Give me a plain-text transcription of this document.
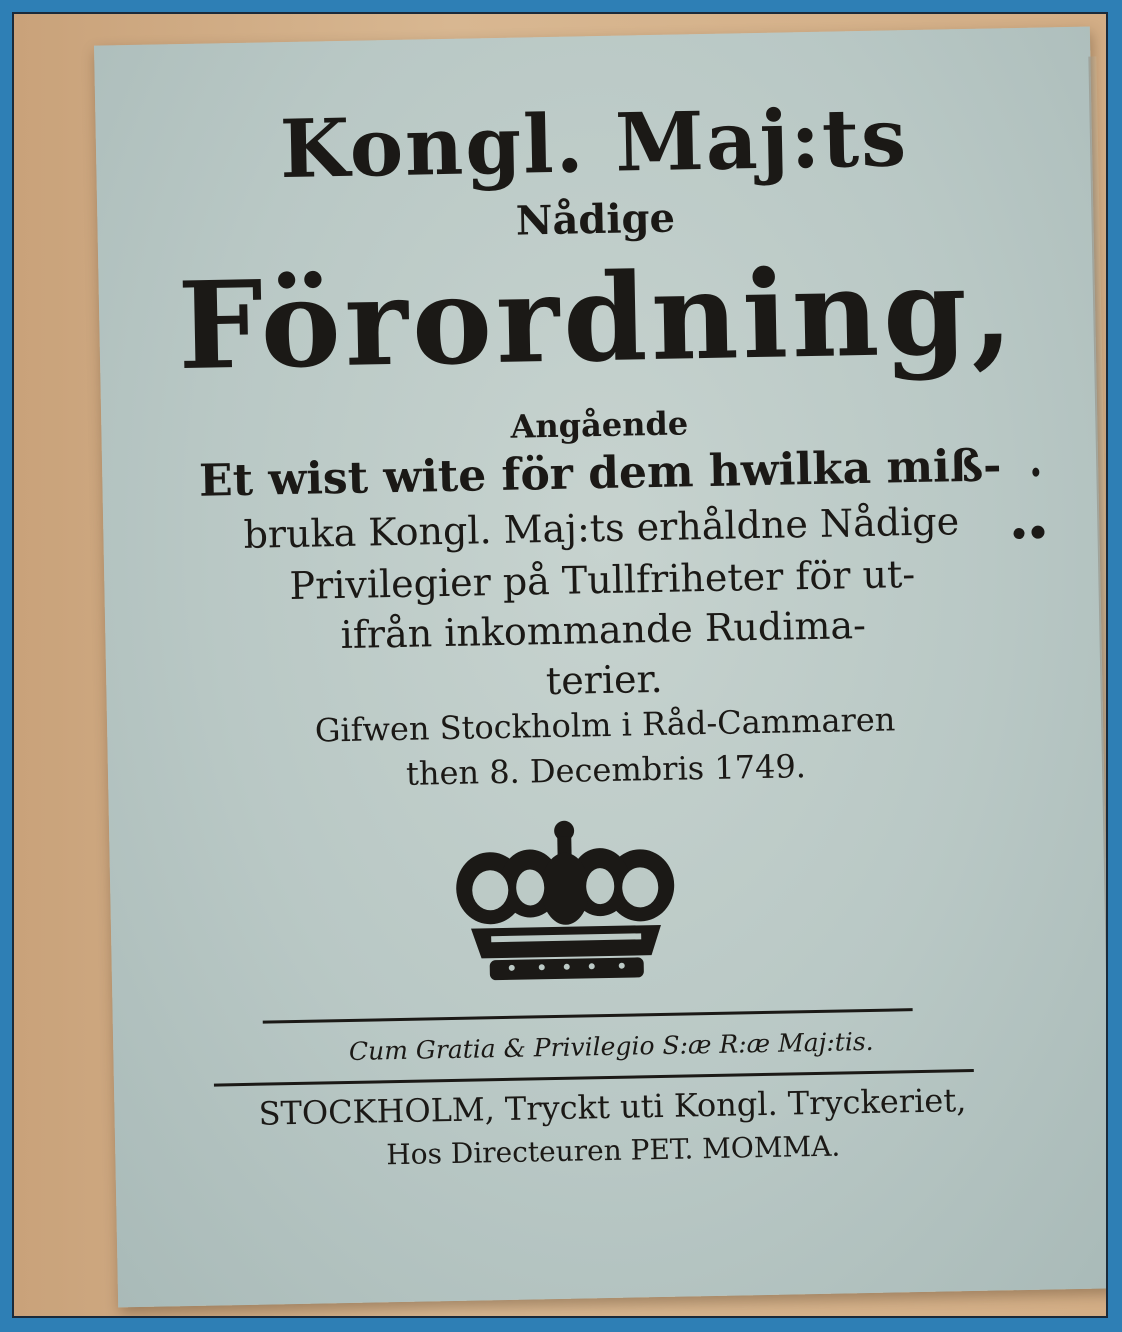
Kongl. Maj:ts
Nådige
Förordning,
Angående
Et wist wite för dem hwilka miß-
bruka Kongl. Maj:ts erhåldne Nådige
Privilegier på Tullfriheter för ut-
ifrån inkommande Rudima-
terier.
Gifwen Stockholm i Råd-Cammaren
then 8. Decembris 1749.
Cum Gratia & Privilegio S:æ R:æ Maj:tis.
STOCKHOLM, Tryckt uti Kongl. Tryckeriet,
Hos Directeuren PET. MOMMA.
